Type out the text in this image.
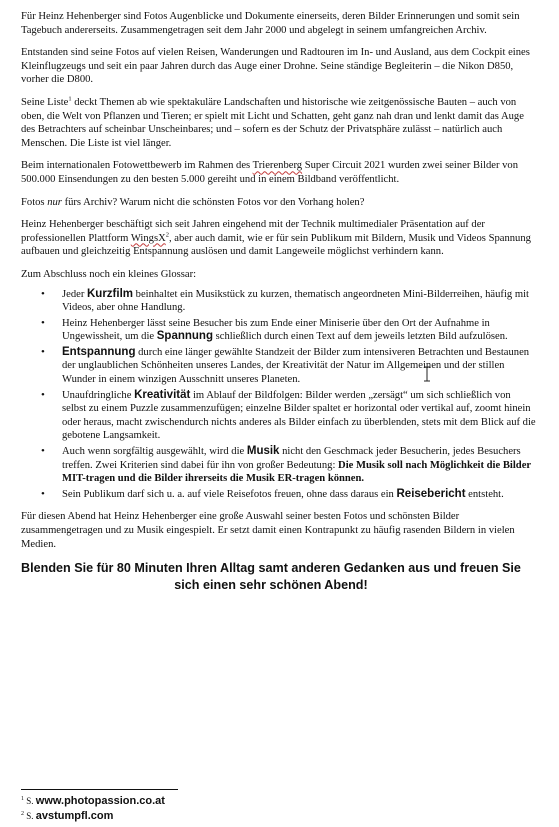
Für Heinz Hehenberger sind Fotos Augenblicke und Dokumente einerseits, deren Bilder Erinnerungen und somit sein Tagebuch andererseits. Zusammengetragen seit dem Jahr 2000 und abgelegt in seinem umfangreichen Archiv.

Entstanden sind seine Fotos auf vielen Reisen, Wanderungen und Radtouren im In- und Ausland, aus dem Cockpit eines Kleinflugzeugs und seit ein paar Jahren durch das Auge einer Drohne. Seine ständige Begleiterin – die Nikon D850, vorher die D800.

Seine Liste$^1$ deckt Themen ab wie spektakuläre Landschaften und historische wie zeitgenössische Bauten – auch von oben, die Welt von Pflanzen und Tieren; er spielt mit Licht und Schatten, geht ganz nah dran und lenkt damit das Auge des Betrachters auf scheinbar Unscheinbares; und – sofern es der Schutz der Privatsphäre zulässt – natürlich auch Menschen. Die Liste ist viel länger.

Beim internationalen Fotowettbewerb im Rahmen des Trierenberg Super Circuit 2021 wurden zwei seiner Bilder von 500.000 Einsendungen zu den besten 5.000 gereiht und in einem Bildband veröffentlicht.

Fotos nur fürs Archiv? Warum nicht die schönsten Fotos vor den Vorhang holen?

Heinz Hehenberger beschäftigt sich seit Jahren eingehend mit der Technik multimedialer Präsentation auf der professionellen Plattform WingsX$^2$, aber auch damit, wie er für sein Publikum mit Bildern, Musik und Videos Spannung aufbauen und gleichzeitig Entspannung auslösen und damit Langeweile möglichst verhindern kann.

Zum Abschluss noch ein kleines Glossar:

• Jeder Kurzfilm beinhaltet ein Musikstück zu kurzen, thematisch angeordneten Mini-Bilderreihen, häufig mit Videos, aber ohne Handlung.
• Heinz Hehenberger lässt seine Besucher bis zum Ende einer Miniserie über den Ort der Aufnahme in Ungewissheit, um die Spannung schließlich durch einen Text auf dem jeweils letzten Bild aufzulösen.
• Entspannung durch eine länger gewählte Standzeit der Bilder zum intensiveren Betrachten und Bestaunen der unglaublichen Schönheiten unseres Landes, der Kreativität der Natur im Allgemeinen und der stillen Wunder in einem winzigen Ausschnitt unseres Planeten.
• Unaufdringliche Kreativität im Ablauf der Bildfolgen: Bilder werden „zersägt“ um sich schließlich von selbst zu einem Puzzle zusammenzufügen; einzelne Bilder spaltet er horizontal oder vertikal auf, zoomt hinein oder heraus, macht zwischendurch nichts anderes als Bilder einfach zu überblenden, stets mit dem Blick auf die gebotene Langsamkeit.
• Auch wenn sorgfältig ausgewählt, wird die Musik nicht den Geschmack jeder Besucherin, jedes Besuchers treffen. Zwei Kriterien sind dabei für ihn von großer Bedeutung: Die Musik soll nach Möglichkeit die Bilder MIT-tragen und die Bilder ihrerseits die Musik ER-tragen können.
• Sein Publikum darf sich u. a. auf viele Reisefotos freuen, ohne dass daraus ein Reisebericht entsteht.

Für diesen Abend hat Heinz Hehenberger eine große Auswahl seiner besten Fotos und schönsten Bilder zusammengetragen und zu Musik eingespielt. Er setzt damit einen Kontrapunkt zu häufig rasenden Bildern in vielen Medien.

Blenden Sie für 80 Minuten Ihren Alltag samt anderen Gedanken aus und freuen Sie sich einen sehr schönen Abend!
$^1$ S. www.photopassion.co.at
$^2$ S. avstumpfl.com
